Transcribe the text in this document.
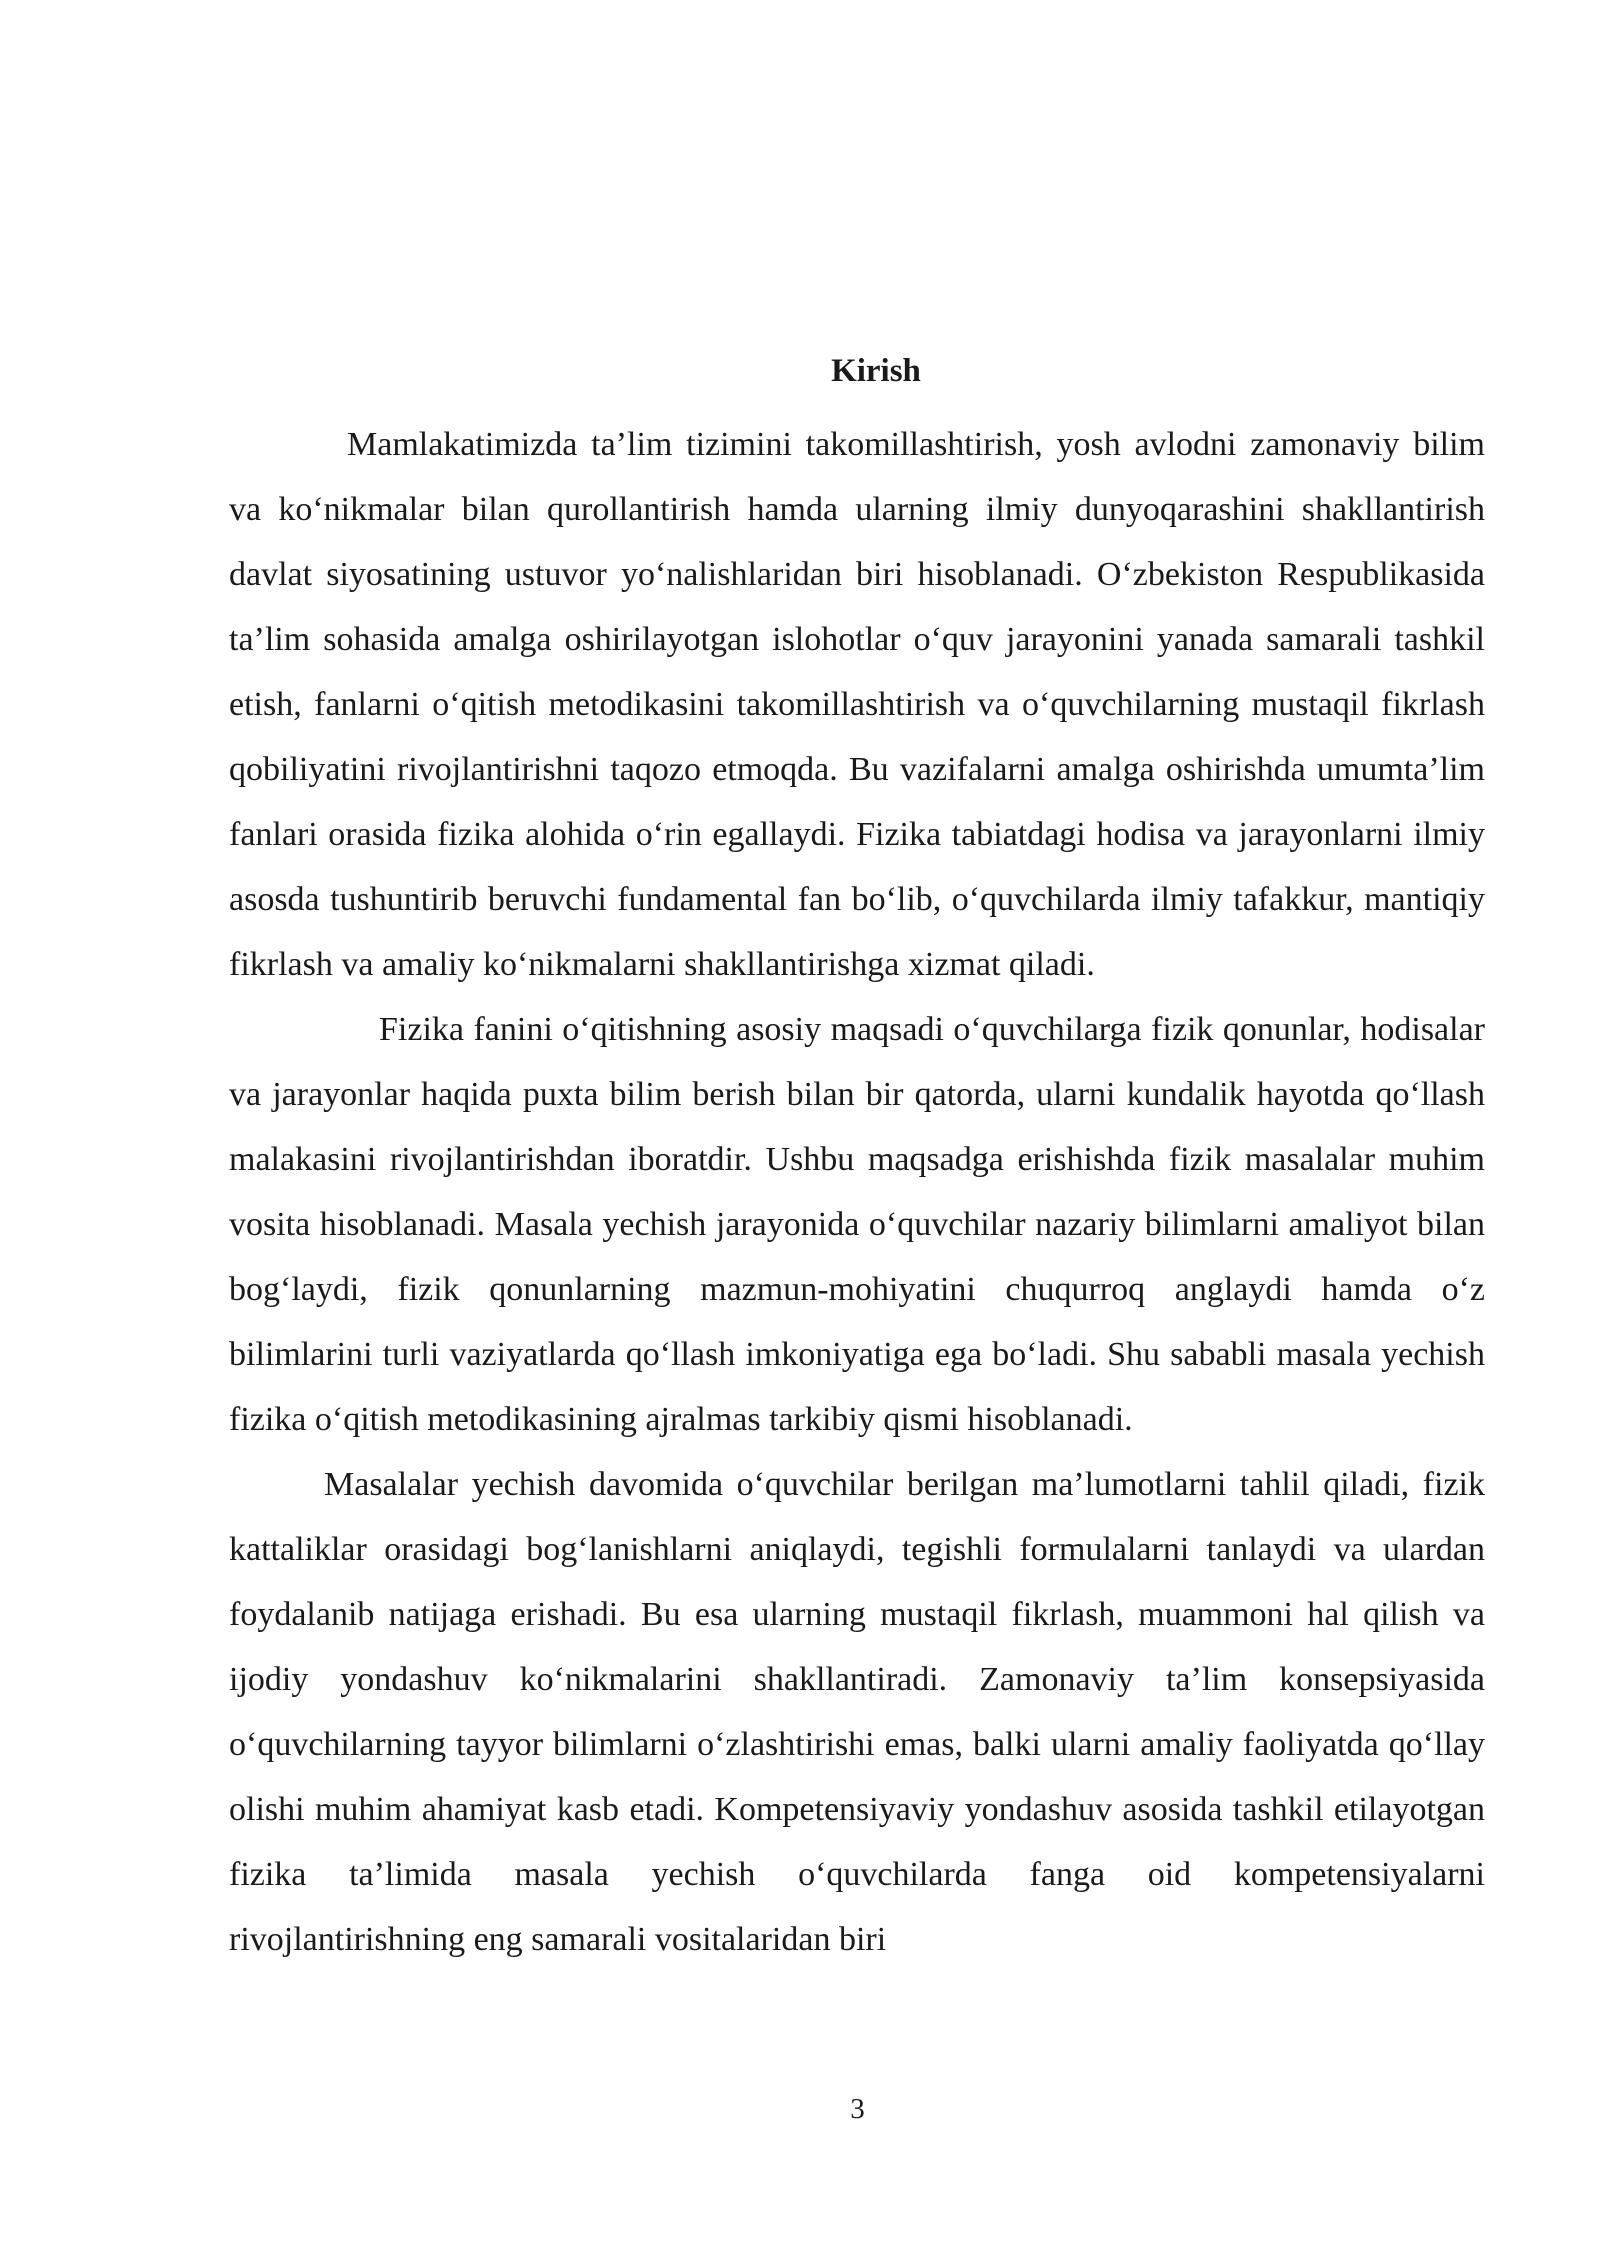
Kirish

Mamlakatimizda ta’lim tizimini takomillashtirish, yosh avlodni zamonaviy bilim va ko‘nikmalar bilan qurollantirish hamda ularning ilmiy dunyoqarashini shakllantirish davlat siyosatining ustuvor yo‘nalishlaridan biri hisoblanadi. O‘zbekiston Respublikasida ta’lim sohasida amalga oshirilayotgan islohotlar o‘quv jarayonini yanada samarali tashkil etish, fanlarni o‘qitish metodikasini takomillashtirish va o‘quvchilarning mustaqil fikrlash qobiliyatini rivojlantirishni taqozo etmoqda. Bu vazifalarni amalga oshirishda umumta’lim fanlari orasida fizika alohida o‘rin egallaydi. Fizika tabiatdagi hodisa va jarayonlarni ilmiy asosda tushuntirib beruvchi fundamental fan bo‘lib, o‘quvchilarda ilmiy tafakkur, mantiqiy fikrlash va amaliy ko‘nikmalarni shakllantirishga xizmat qiladi.

Fizika fanini o‘qitishning asosiy maqsadi o‘quvchilarga fizik qonunlar, hodisalar va jarayonlar haqida puxta bilim berish bilan bir qatorda, ularni kundalik hayotda qo‘llash malakasini rivojlantirishdan iboratdir. Ushbu maqsadga erishishda fizik masalalar muhim vosita hisoblanadi. Masala yechish jarayonida o‘quvchilar nazariy bilimlarni amaliyot bilan bog‘laydi, fizik qonunlarning mazmun-mohiyatini chuqurroq anglaydi hamda o‘z bilimlarini turli vaziyatlarda qo‘llash imkoniyatiga ega bo‘ladi. Shu sababli masala yechish fizika o‘qitish metodikasining ajralmas tarkibiy qismi hisoblanadi.

Masalalar yechish davomida o‘quvchilar berilgan ma’lumotlarni tahlil qiladi, fizik kattaliklar orasidagi bog‘lanishlarni aniqlaydi, tegishli formulalarni tanlaydi va ulardan foydalanib natijaga erishadi. Bu esa ularning mustaqil fikrlash, muammoni hal qilish va ijodiy yondashuv ko‘nikmalarini shakllantiradi. Zamonaviy ta’lim konsepsiyasida o‘quvchilarning tayyor bilimlarni o‘zlashtirishi emas, balki ularni amaliy faoliyatda qo‘llay olishi muhim ahamiyat kasb etadi. Kompetensiyaviy yondashuv asosida tashkil etilayotgan fizika ta’limida masala yechish o‘quvchilarda fanga oid kompetensiyalarni rivojlantirishning eng samarali vositalaridan biri

3
